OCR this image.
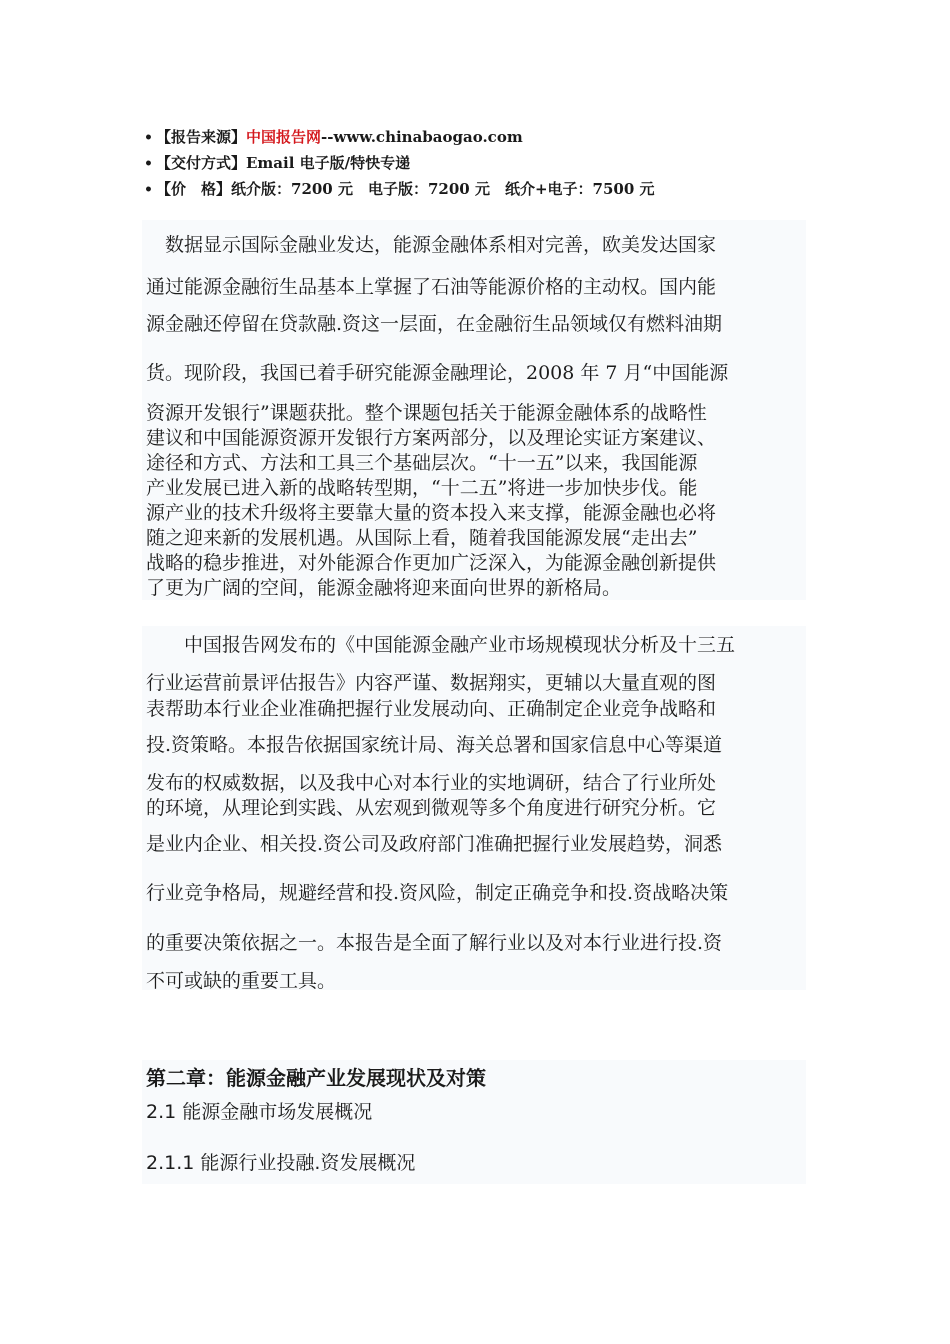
• 【报告来源】中国报告网--www.chinabaogao.com
• 【交付方式】Email 电子版/特快专递
• 【价　格】纸介版：7200 元　电子版：7200 元　纸介+电子：7500 元
　数据显示国际金融业发达，能源金融体系相对完善，欧美发达国家
通过能源金融衍生品基本上掌握了石油等能源价格的主动权。国内能
源金融还停留在贷款融.资这一层面，在金融衍生品领域仅有燃料油期
货。现阶段，我国已着手研究能源金融理论，2008 年 7 月“中国能源
资源开发银行”课题获批。整个课题包括关于能源金融体系的战略性
建议和中国能源资源开发银行方案两部分，以及理论实证方案建议、
途径和方式、方法和工具三个基础层次。“十一五”以来，我国能源
产业发展已进入新的战略转型期，“十二五”将进一步加快步伐。能
源产业的技术升级将主要靠大量的资本投入来支撑，能源金融也必将
随之迎来新的发展机遇。从国际上看，随着我国能源发展“走出去”
战略的稳步推进，对外能源合作更加广泛深入，为能源金融创新提供
了更为广阔的空间，能源金融将迎来面向世界的新格局。
　　中国报告网发布的《中国能源金融产业市场规模现状分析及十三五
行业运营前景评估报告》内容严谨、数据翔实，更辅以大量直观的图
表帮助本行业企业准确把握行业发展动向、正确制定企业竞争战略和
投.资策略。本报告依据国家统计局、海关总署和国家信息中心等渠道
发布的权威数据，以及我中心对本行业的实地调研，结合了行业所处
的环境，从理论到实践、从宏观到微观等多个角度进行研究分析。它
是业内企业、相关投.资公司及政府部门准确把握行业发展趋势，洞悉
行业竞争格局，规避经营和投.资风险，制定正确竞争和投.资战略决策
的重要决策依据之一。本报告是全面了解行业以及对本行业进行投.资
不可或缺的重要工具。
第二章：能源金融产业发展现状及对策
2.1 能源金融市场发展概况
2.1.1 能源行业投融.资发展概况
